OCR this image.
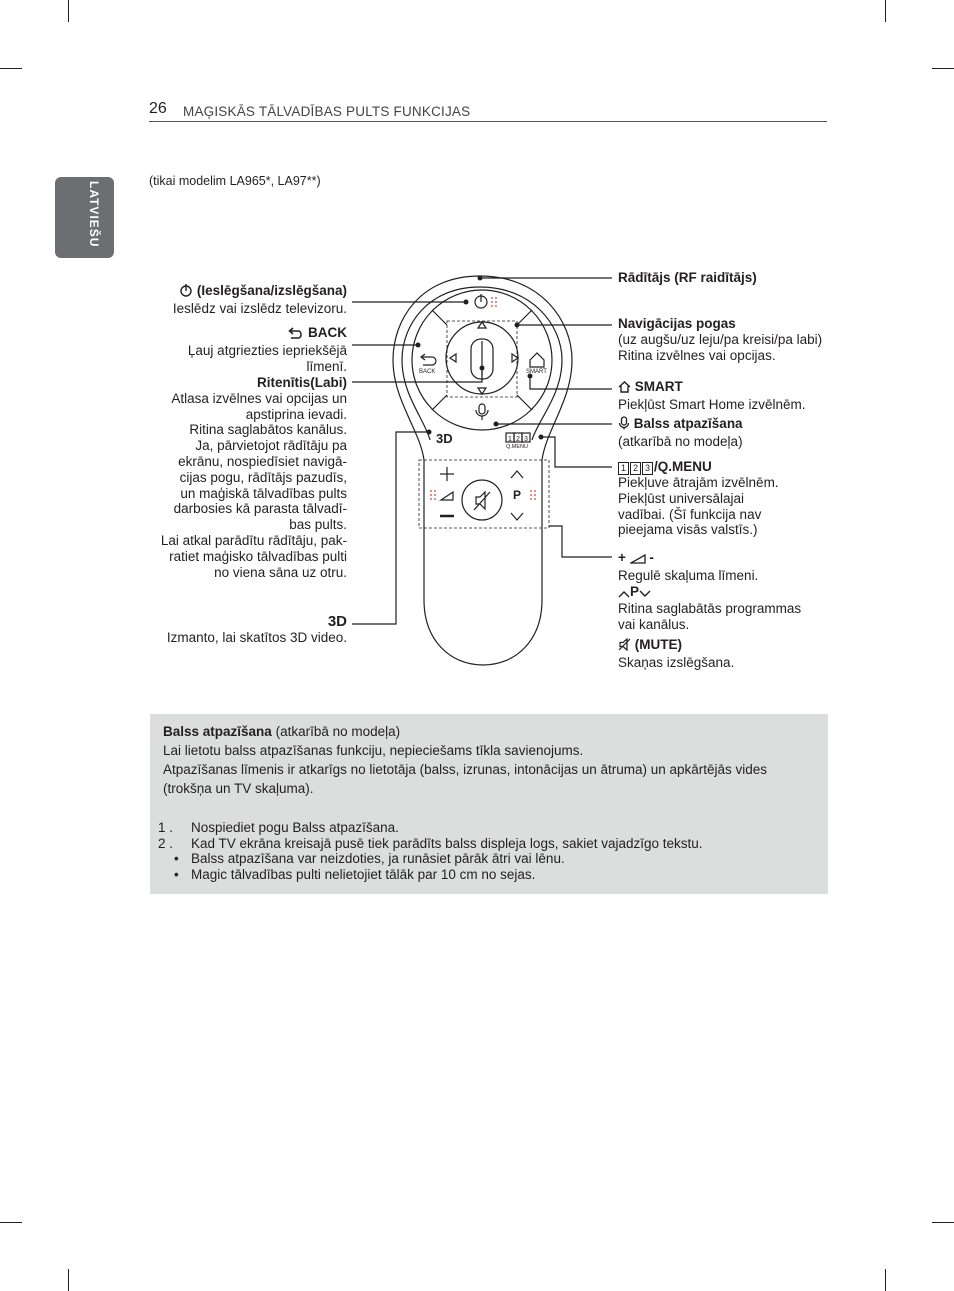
26 MAĢISKĀS TĀLVADĪBAS PULTS FUNKCIJAS
LATVIEŠU	(tikai modelim LA965*, LA97**)
BACK	SMART
Q.MENU
1 2 3
P
3D
(Ieslēgšana/izslēgšana)
Ieslēdz vai izslēdz televizoru.
BACK
Ļauj atgriezties iepriekšējā
līmenī.
Ritenītis(Labi)
Atlasa izvēlnes vai opcijas un
apstiprina ievadi.
Ritina saglabātos kanālus.
Ja, pārvietojot rādītāju pa
ekrānu, nospiedīsiet navigā-
cijas pogu, rādītājs pazudīs,
un maģiskā tālvadības pults
darbosies kā parasta tālvadī-
bas pults.
Lai atkal parādītu rādītāju, pak-
ratiet maģisko tālvadības pulti
no viena sāna uz otru.
3D
Izmanto, lai skatītos 3D video.
Rādītājs (RF raidītājs)
Navigācijas pogas
(uz augšu/uz leju/pa kreisi/pa labi)
Ritina izvēlnes vai opcijas.
SMART
Piekļūst Smart Home izvēlnēm.
Balss atpazīšana
(atkarībā no modeļa)
1 2 3 /Q.MENU
Piekļuve ātrajām izvēlnēm.
Piekļūst universālajai
vadībai. (Šī funkcija nav
pieejama visās valstīs.)
+ -
Regulē skaļuma līmeni.
P
Ritina saglabātās programmas
vai kanālus.
(MUTE)
Skaņas izslēgšana.
Balss atpazīšana (atkarībā no modeļa)
Lai lietotu balss atpazīšanas funkciju, nepieciešams tīkla savienojums.
Atpazīšanas līmenis ir atkarīgs no lietotāja (balss, izrunas, intonācijas un ātruma) un apkārtējās vides
(trokšņa un TV skaļuma).
1 . Nospiediet pogu Balss atpazīšana.
2 . Kad TV ekrāna kreisajā pusē tiek parādīts balss displeja logs, sakiet vajadzīgo tekstu.
• Balss atpazīšana var neizdoties, ja runāsiet pārāk ātri vai lēnu.
• Magic tālvadības pulti nelietojiet tālāk par 10 cm no sejas.
